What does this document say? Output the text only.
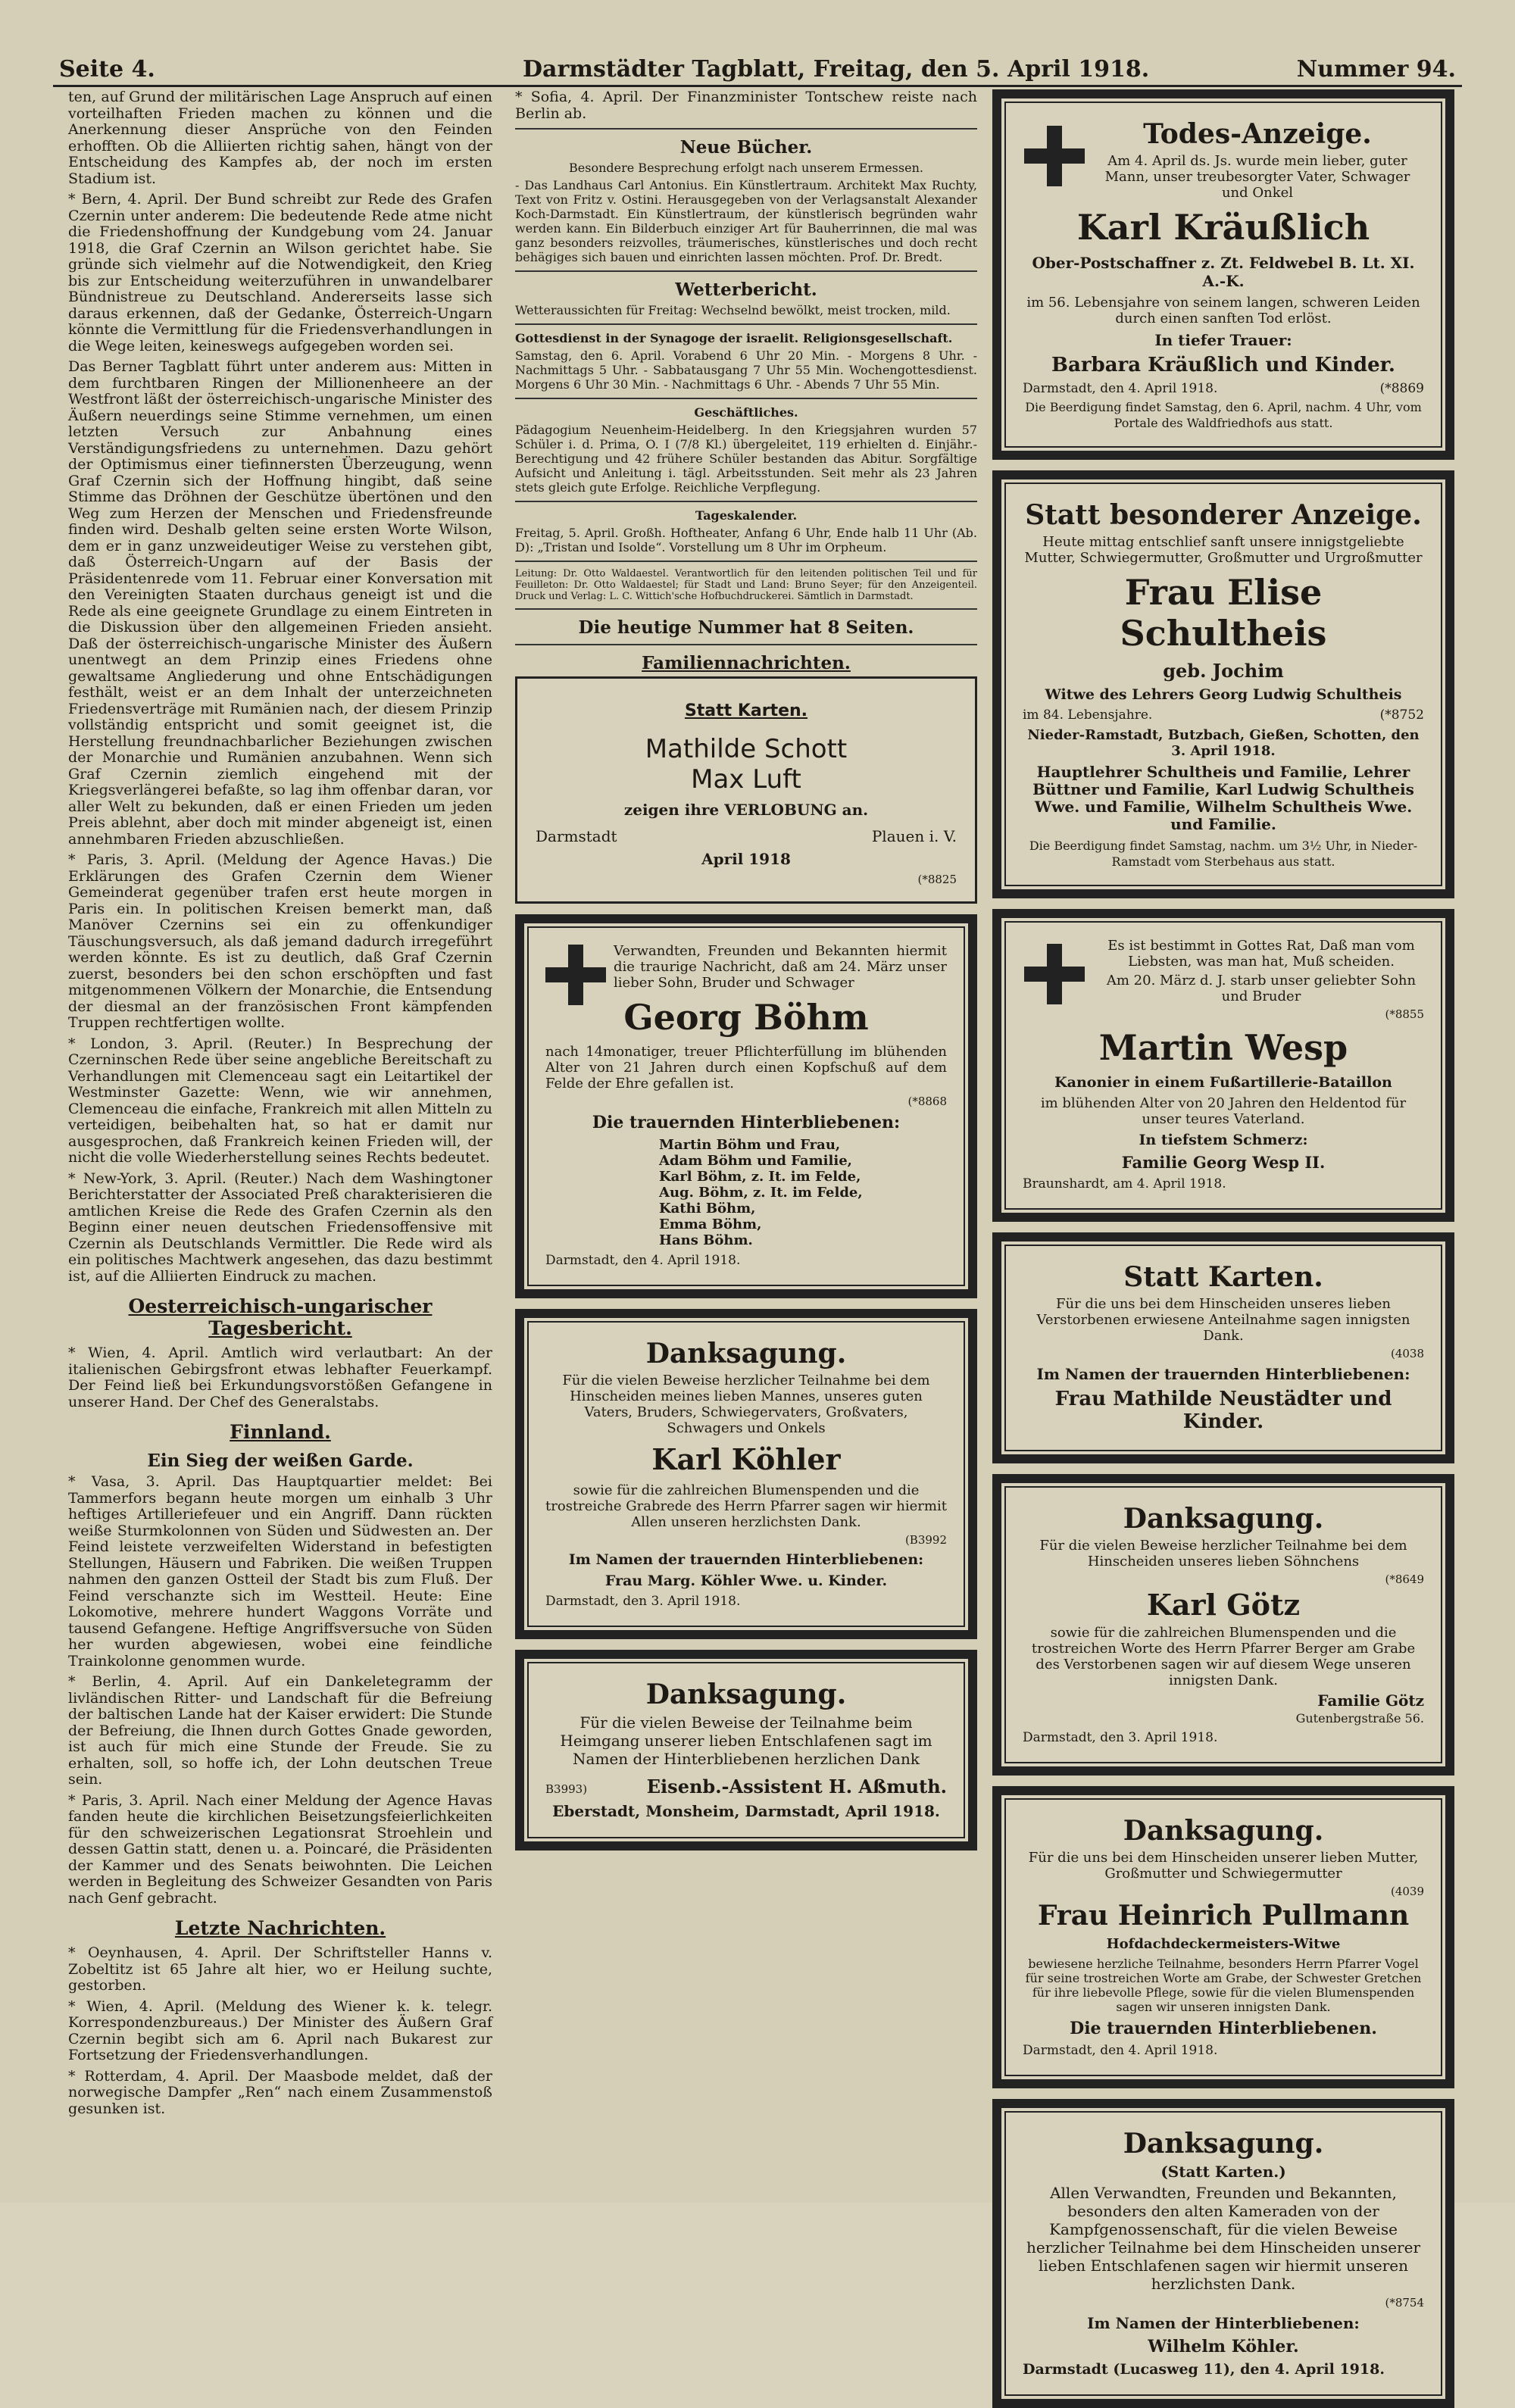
Seite 4.	Darmstädter Tagblatt, Freitag, den 5. April 1918.	Nummer 94.

ten, auf Grund der militärischen Lage Anspruch auf einen vorteilhaften Frieden machen zu können und die Anerkennung dieser Ansprüche von den Feinden erhofften. Ob die Alliierten richtig sahen, hängt von der Entscheidung des Kampfes ab, der noch im ersten Stadium ist.

* Bern, 4. April. Der Bund schreibt zur Rede des Grafen Czernin unter anderem: Die bedeutende Rede atme nicht die Friedenshoffnung der Kundgebung vom 24. Januar 1918, die Graf Czernin an Wilson gerichtet habe. Sie gründe sich vielmehr auf die Notwendigkeit, den Krieg bis zur Entscheidung weiterzuführen in unwandelbarer Bündnistreue zu Deutschland. Andererseits lasse sich daraus erkennen, daß der Gedanke, Österreich-Ungarn könnte die Vermittlung für die Friedensverhandlungen in die Wege leiten, keineswegs aufgegeben worden sei.

Das Berner Tagblatt führt unter anderem aus: Mitten in dem furchtbaren Ringen der Millionenheere an der Westfront läßt der österreichisch-ungarische Minister des Äußern neuerdings seine Stimme vernehmen, um einen letzten Versuch zur Anbahnung eines Verständigungsfriedens zu unternehmen. Dazu gehört der Optimismus einer tiefinnersten Überzeugung, wenn Graf Czernin sich der Hoffnung hingibt, daß seine Stimme das Dröhnen der Geschütze übertönen und den Weg zum Herzen der Menschen und Friedensfreunde finden wird. Deshalb gelten seine ersten Worte Wilson, dem er in ganz unzweideutiger Weise zu verstehen gibt, daß Österreich-Ungarn auf der Basis der Präsidentenrede vom 11. Februar einer Konversation mit den Vereinigten Staaten durchaus geneigt ist und die Rede als eine geeignete Grundlage zu einem Eintreten in die Diskussion über den allgemeinen Frieden ansieht. Daß der österreichisch-ungarische Minister des Äußern unentwegt an dem Prinzip eines Friedens ohne gewaltsame Angliederung und ohne Entschädigungen festhält, weist er an dem Inhalt der unterzeichneten Friedensverträge mit Rumänien nach, der diesem Prinzip vollständig entspricht und somit geeignet ist, die Herstellung freundnachbarlicher Beziehungen zwischen der Monarchie und Rumänien anzubahnen. Wenn sich Graf Czernin ziemlich eingehend mit der Kriegsverlängerei befaßte, so lag ihm offenbar daran, vor aller Welt zu bekunden, daß er einen Frieden um jeden Preis ablehnt, aber doch mit minder abgeneigt ist, einen annehmbaren Frieden abzuschließen.

* Paris, 3. April. (Meldung der Agence Havas.) Die Erklärungen des Grafen Czernin dem Wiener Gemeinderat gegenüber trafen erst heute morgen in Paris ein. In politischen Kreisen bemerkt man, daß Manöver Czernins sei ein zu offenkundiger Täuschungsversuch, als daß jemand dadurch irregeführt werden könnte. Es ist zu deutlich, daß Graf Czernin zuerst, besonders bei den schon erschöpften und fast mitgenommenen Völkern der Monarchie, die Entsendung der diesmal an der französischen Front kämpfenden Truppen rechtfertigen wollte.

* London, 3. April. (Reuter.) In Besprechung der Czerninschen Rede über seine angebliche Bereitschaft zu Verhandlungen mit Clemenceau sagt ein Leitartikel der Westminster Gazette: Wenn, wie wir annehmen, Clemenceau die einfache, Frankreich mit allen Mitteln zu verteidigen, beibehalten hat, so hat er damit nur ausgesprochen, daß Frankreich keinen Frieden will, der nicht die volle Wiederherstellung seines Rechts bedeutet.

* New-York, 3. April. (Reuter.) Nach dem Washingtoner Berichterstatter der Associated Preß charakterisieren die amtlichen Kreise die Rede des Grafen Czernin als den Beginn einer neuen deutschen Friedensoffensive mit Czernin als Deutschlands Vermittler. Die Rede wird als ein politisches Machtwerk angesehen, das dazu bestimmt ist, auf die Alliierten Eindruck zu machen.

Oesterreichisch-ungarischer Tagesbericht.

* Wien, 4. April. Amtlich wird verlautbart: An der italienischen Gebirgsfront etwas lebhafter Feuerkampf. Der Feind ließ bei Erkundungsvorstößen Gefangene in unserer Hand. Der Chef des Generalstabs.

Finnland.
Ein Sieg der weißen Garde.

* Vasa, 3. April. Das Hauptquartier meldet: Bei Tammerfors begann heute morgen um einhalb 3 Uhr heftiges Artilleriefeuer und ein Angriff. Dann rückten weiße Sturmkolonnen von Süden und Südwesten an. Der Feind leistete verzweifelten Widerstand in befestigten Stellungen, Häusern und Fabriken. Die weißen Truppen nahmen den ganzen Ostteil der Stadt bis zum Fluß. Der Feind verschanzte sich im Westteil. Heute: Eine Lokomotive, mehrere hundert Waggons Vorräte und tausend Gefangene. Heftige Angriffsversuche von Süden her wurden abgewiesen, wobei eine feindliche Trainkolonne genommen wurde.

* Berlin, 4. April. Auf ein Dankeletegramm der livländischen Ritter- und Landschaft für die Befreiung der baltischen Lande hat der Kaiser erwidert: Die Stunde der Befreiung, die Ihnen durch Gottes Gnade geworden, ist auch für mich eine Stunde der Freude. Sie zu erhalten, soll, so hoffe ich, der Lohn deutschen Treue sein.

* Paris, 3. April. Nach einer Meldung der Agence Havas fanden heute die kirchlichen Beisetzungsfeierlichkeiten für den schweizerischen Legationsrat Stroehlein und dessen Gattin statt, denen u. a. Poincaré, die Präsidenten der Kammer und des Senats beiwohnten. Die Leichen werden in Begleitung des Schweizer Gesandten von Paris nach Genf gebracht.

Letzte Nachrichten.

* Oeynhausen, 4. April. Der Schriftsteller Hanns v. Zobeltitz ist 65 Jahre alt hier, wo er Heilung suchte, gestorben.

* Wien, 4. April. (Meldung des Wiener k. k. telegr. Korrespondenzbureaus.) Der Minister des Äußern Graf Czernin begibt sich am 6. April nach Bukarest zur Fortsetzung der Friedensverhandlungen.

* Rotterdam, 4. April. Der Maasbode meldet, daß der norwegische Dampfer „Ren“ nach einem Zusammenstoß gesunken ist.

* Sofia, 4. April. Der Finanzminister Tontschew reiste nach Berlin ab.

Neue Bücher.

Besondere Besprechung erfolgt nach unserem Ermessen.

- Das Landhaus Carl Antonius. Ein Künstlertraum. Architekt Max Ruchty, Text von Fritz v. Ostini. Herausgegeben von der Verlagsanstalt Alexander Koch-Darmstadt. Ein Künstlertraum, der künstlerisch begründen wahr werden kann. Ein Bilderbuch einziger Art für Bauherrinnen, die mal was ganz besonders reizvolles, träumerisches, künstlerisches und doch recht behägiges sich bauen und einrichten lassen möchten. Prof. Dr. Bredt.

Wetterbericht.

Wetteraussichten für Freitag: Wechselnd bewölkt, meist trocken, mild.

Gottesdienst in der Synagoge der israelit. Religionsgesellschaft.

Samstag, den 6. April. Vorabend 6 Uhr 20 Min. - Morgens 8 Uhr. - Nachmittags 5 Uhr. - Sabbatausgang 7 Uhr 55 Min. Wochengottesdienst. Morgens 6 Uhr 30 Min. - Nachmittags 6 Uhr. - Abends 7 Uhr 55 Min.

Geschäftliches.

Pädagogium Neuenheim-Heidelberg. In den Kriegsjahren wurden 57 Schüler i. d. Prima, O. I (7/8 Kl.) übergeleitet, 119 erhielten d. Einjähr.-Berechtigung und 42 frühere Schüler bestanden das Abitur. Sorgfältige Aufsicht und Anleitung i. tägl. Arbeitsstunden. Seit mehr als 23 Jahren stets gleich gute Erfolge. Reichliche Verpflegung.

Tageskalender.

Freitag, 5. April. Großh. Hoftheater, Anfang 6 Uhr, Ende halb 11 Uhr (Ab. D): „Tristan und Isolde“. Vorstellung um 8 Uhr im Orpheum.

Leitung: Dr. Otto Waldaestel. Verantwortlich für den leitenden politischen Teil und für Feuilleton: Dr. Otto Waldaestel; für Stadt und Land: Bruno Seyer; für den Anzeigenteil. Druck und Verlag: L. C. Wittich'sche Hofbuchdruckerei. Sämtlich in Darmstadt.

Die heutige Nummer hat 8 Seiten.
Familiennachrichten.
Statt Karten.
Mathilde Schott
Max Luft
zeigen ihre VERLOBUNG an.
Darmstadt	Plauen i. V.
April 1918
(*8825
Verwandten, Freunden und Bekannten hiermit die traurige Nachricht, daß am 24. März unser lieber Sohn, Bruder und Schwager
Georg Böhm
nach 14monatiger, treuer Pflichterfüllung im blühenden Alter von 21 Jahren durch einen Kopfschuß auf dem Felde der Ehre gefallen ist.
(*8868
Die trauernden Hinterbliebenen:
Martin Böhm und Frau,
Adam Böhm und Familie,
Karl Böhm, z. It. im Felde,
Aug. Böhm, z. It. im Felde,
Kathi Böhm,
Emma Böhm,
Hans Böhm.
Darmstadt, den 4. April 1918.
Danksagung.
Für die vielen Beweise herzlicher Teilnahme bei dem Hinscheiden meines lieben Mannes, unseres guten Vaters, Bruders, Schwiegervaters, Großvaters, Schwagers und Onkels
Karl Köhler
sowie für die zahlreichen Blumenspenden und die trostreiche Grabrede des Herrn Pfarrer sagen wir hiermit Allen unseren herzlichsten Dank.
(B3992
Im Namen der trauernden Hinterbliebenen:
Frau Marg. Köhler Wwe. u. Kinder.
Darmstadt, den 3. April 1918.
Danksagung.
Für die vielen Beweise der Teilnahme beim Heimgang unserer lieben Entschlafenen sagt im Namen der Hinterbliebenen herzlichen Dank
B3993)	Eisenb.-Assistent H. Aßmuth.
Eberstadt, Monsheim, Darmstadt, April 1918.
Todes-Anzeige.
Am 4. April ds. Js. wurde mein lieber, guter Mann, unser treubesorgter Vater, Schwager und Onkel
Karl Kräußlich
Ober-Postschaffner z. Zt. Feldwebel B. Lt. XI. A.-K.
im 56. Lebensjahre von seinem langen, schweren Leiden durch einen sanften Tod erlöst.
In tiefer Trauer:
Barbara Kräußlich und Kinder.
Darmstadt, den 4. April 1918.	(*8869
Die Beerdigung findet Samstag, den 6. April, nachm. 4 Uhr, vom Portale des Waldfriedhofs aus statt.
Statt besonderer Anzeige.
Heute mittag entschlief sanft unsere innigstgeliebte Mutter, Schwiegermutter, Großmutter und Urgroßmutter
Frau Elise Schultheis
geb. Jochim
Witwe des Lehrers Georg Ludwig Schultheis
im 84. Lebensjahre.	(*8752
Nieder-Ramstadt, Butzbach, Gießen, Schotten, den 3. April 1918.
Hauptlehrer Schultheis und Familie, Lehrer Büttner und Familie, Karl Ludwig Schultheis Wwe. und Familie, Wilhelm Schultheis Wwe. und Familie.
Die Beerdigung findet Samstag, nachm. um 3½ Uhr, in Nieder-Ramstadt vom Sterbehaus aus statt.
Es ist bestimmt in Gottes Rat, Daß man vom Liebsten, was man hat, Muß scheiden.
Am 20. März d. J. starb unser geliebter Sohn und Bruder
(*8855
Martin Wesp
Kanonier in einem Fußartillerie-Bataillon
im blühenden Alter von 20 Jahren den Heldentod für unser teures Vaterland.
In tiefstem Schmerz:
Familie Georg Wesp II.
Braunshardt, am 4. April 1918.
Statt Karten.
Für die uns bei dem Hinscheiden unseres lieben Verstorbenen erwiesene Anteilnahme sagen innigsten Dank.
(4038
Im Namen der trauernden Hinterbliebenen:
Frau Mathilde Neustädter und Kinder.
Danksagung.
Für die vielen Beweise herzlicher Teilnahme bei dem Hinscheiden unseres lieben Söhnchens
(*8649
Karl Götz
sowie für die zahlreichen Blumenspenden und die trostreichen Worte des Herrn Pfarrer Berger am Grabe des Verstorbenen sagen wir auf diesem Wege unseren innigsten Dank.
Familie Götz
Gutenbergstraße 56.
Darmstadt, den 3. April 1918.
Danksagung.
Für die uns bei dem Hinscheiden unserer lieben Mutter, Großmutter und Schwiegermutter
(4039
Frau Heinrich Pullmann
Hofdachdeckermeisters-Witwe
bewiesene herzliche Teilnahme, besonders Herrn Pfarrer Vogel für seine trostreichen Worte am Grabe, der Schwester Gretchen für ihre liebevolle Pflege, sowie für die vielen Blumenspenden sagen wir unseren innigsten Dank.
Die trauernden Hinterbliebenen.
Darmstadt, den 4. April 1918.
Danksagung.
(Statt Karten.)
Allen Verwandten, Freunden und Bekannten, besonders den alten Kameraden von der Kampfgenossenschaft, für die vielen Beweise herzlicher Teilnahme bei dem Hinscheiden unserer lieben Entschlafenen sagen wir hiermit unseren herzlichsten Dank.
(*8754
Im Namen der Hinterbliebenen:
Wilhelm Köhler.
Darmstadt (Lucasweg 11), den 4. April 1918.
